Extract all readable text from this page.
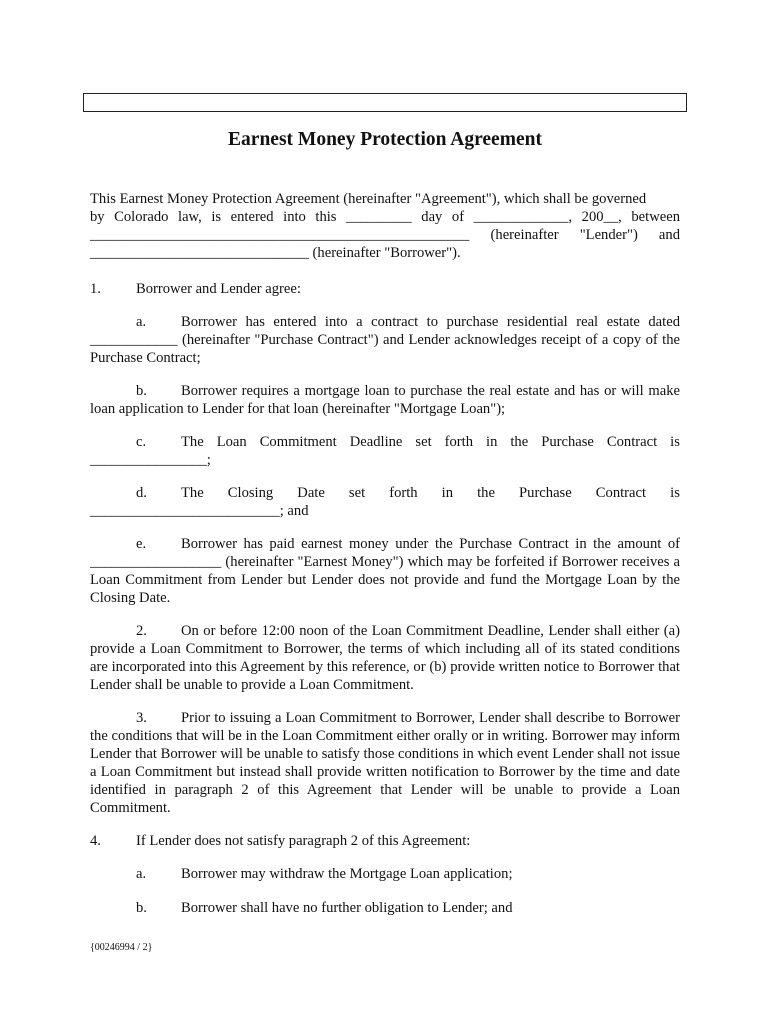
Earnest Money Protection Agreement
This Earnest Money Protection Agreement (hereinafter "Agreement"), which shall be governed
by Colorado law, is entered into this _________ day of _____________, 200__, between
____________________________________________________ (hereinafter "Lender") and
______________________________ (hereinafter "Borrower").
1. Borrower and Lender agree:
a. Borrower has entered into a contract to purchase residential real estate dated ____________ (hereinafter "Purchase Contract") and Lender acknowledges receipt of a copy of the Purchase Contract;
b. Borrower requires a mortgage loan to purchase the real estate and has or will make loan application to Lender for that loan (hereinafter "Mortgage Loan");
c.	The Loan Commitment Deadline set forth in the Purchase Contract is
________________;
d.	The Closing Date set forth in the Purchase Contract is
__________________________; and
e. Borrower has paid earnest money under the Purchase Contract in the amount of __________________ (hereinafter "Earnest Money") which may be forfeited if Borrower receives a Loan Commitment from Lender but Lender does not provide and fund the Mortgage Loan by the Closing Date.
2. On or before 12:00 noon of the Loan Commitment Deadline, Lender shall either (a) provide a Loan Commitment to Borrower, the terms of which including all of its stated conditions are incorporated into this Agreement by this reference, or (b) provide written notice to Borrower that Lender shall be unable to provide a Loan Commitment.
3. Prior to issuing a Loan Commitment to Borrower, Lender shall describe to Borrower the conditions that will be in the Loan Commitment either orally or in writing. Borrower may inform Lender that Borrower will be unable to satisfy those conditions in which event Lender shall not issue a Loan Commitment but instead shall provide written notification to Borrower by the time and date identified in paragraph 2 of this Agreement that Lender will be unable to provide a Loan Commitment.
4. If Lender does not satisfy paragraph 2 of this Agreement:
a. Borrower may withdraw the Mortgage Loan application;
b. Borrower shall have no further obligation to Lender; and
{00246994 / 2}
